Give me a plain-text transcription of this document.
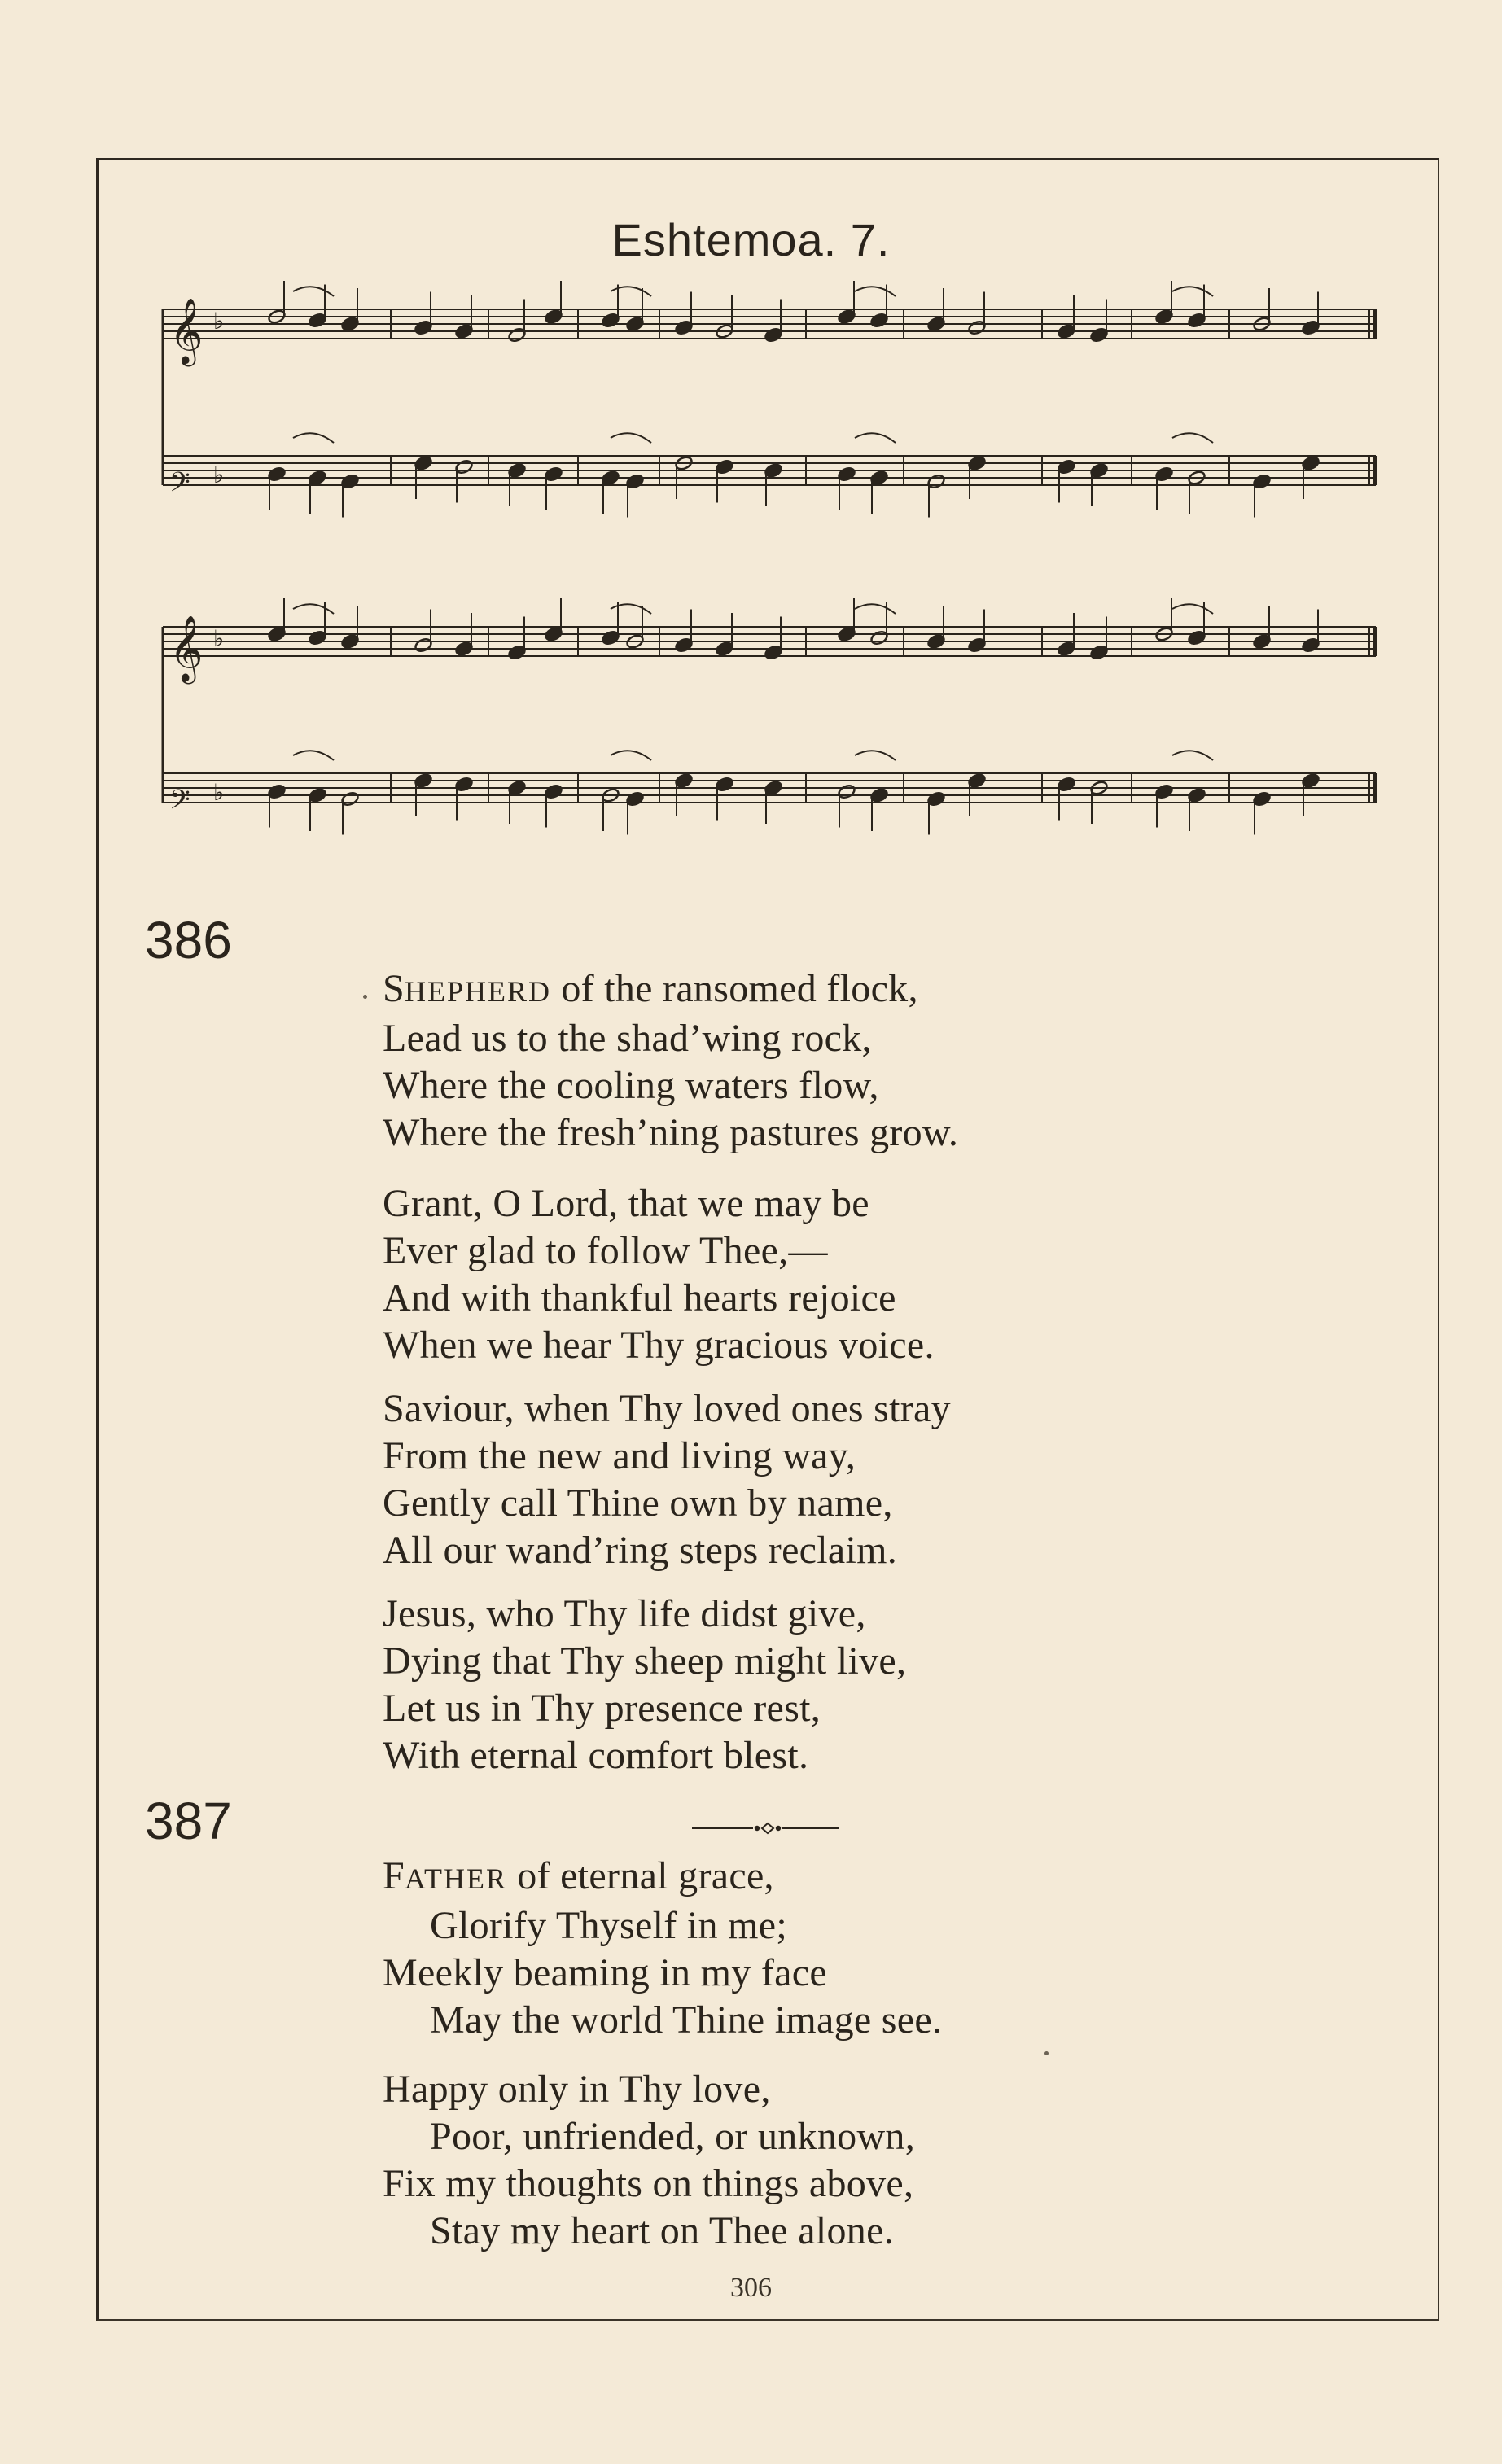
Eshtemoa. 7.
𝄞 ♭
𝄢 ♭
𝄞 ♭
𝄢 ♭
386
387
SHEPHERD of the ransomed flock,
Lead us to the shad’wing rock,
Where the cooling waters flow,
Where the fresh’ning pastures grow.
Grant, O Lord, that we may be
Ever glad to follow Thee,—
And with thankful hearts rejoice
When we hear Thy gracious voice.
Saviour, when Thy loved ones stray
From the new and living way,
Gently call Thine own by name,
All our wand’ring steps reclaim.
Jesus, who Thy life didst give,
Dying that Thy sheep might live,
Let us in Thy presence rest,
With eternal comfort blest.
FATHER of eternal grace,
Glorify Thyself in me;
Meekly beaming in my face
May the world Thine image see.
Happy only in Thy love,
Poor, unfriended, or unknown,
Fix my thoughts on things above,
Stay my heart on Thee alone.
306
